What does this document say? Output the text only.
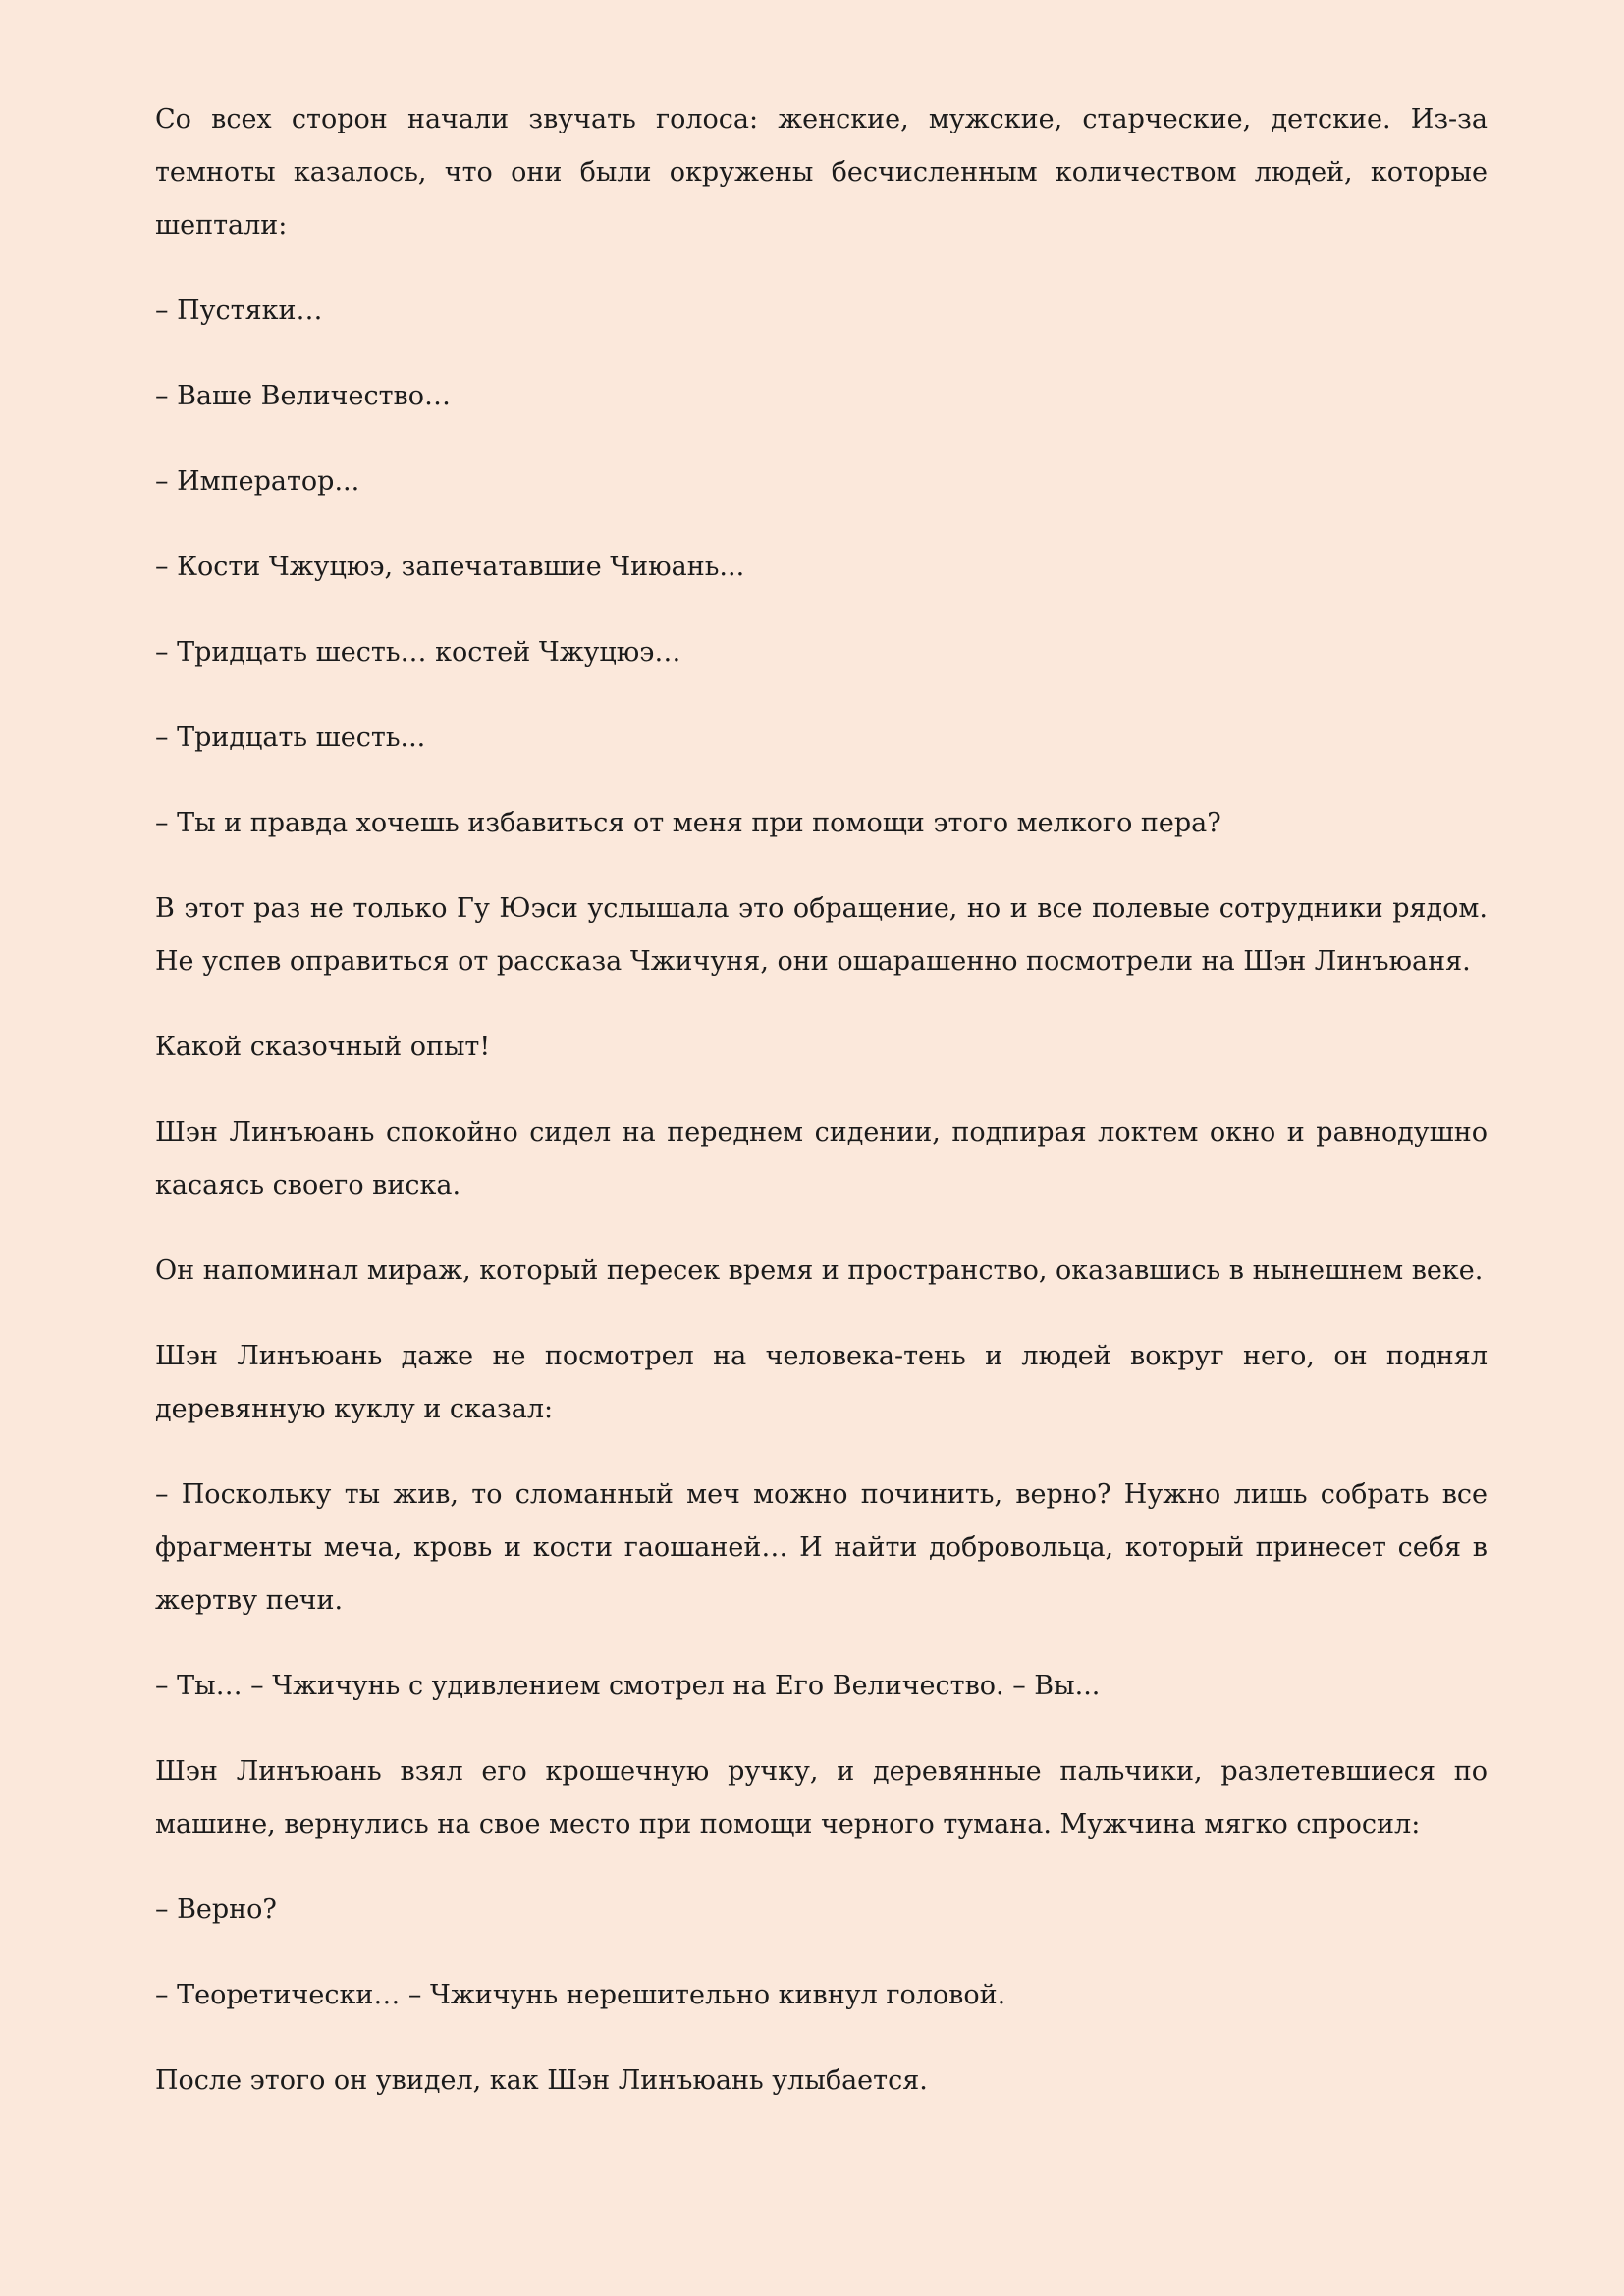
Со всех сторон начали звучать голоса: женские, мужские, старческие, детские. Из-за темноты казалось, что они были окружены бесчисленным количеством людей, которые шептали:

– Пустяки…

– Ваше Величество…

– Император...

– Кости Чжуцюэ, запечатавшие Чиюань...

– Тридцать шесть… костей Чжуцюэ…

– Тридцать шесть...

– Ты и правда хочешь избавиться от меня при помощи этого мелкого пера?

В этот раз не только Гу Юэси услышала это обращение, но и все полевые сотрудники рядом. Не успев оправиться от рассказа Чжичуня, они ошарашенно посмотрели на Шэн Линъюаня.

Какой сказочный опыт!

Шэн Линъюань спокойно сидел на переднем сидении, подпирая локтем окно и равнодушно касаясь своего виска.

Он напоминал мираж, который пересек время и пространство, оказавшись в нынешнем веке.

Шэн Линъюань даже не посмотрел на человека-тень и людей вокруг него, он поднял деревянную куклу и сказал:

– Поскольку ты жив, то сломанный меч можно починить, верно? Нужно лишь собрать все фрагменты меча, кровь и кости гаошаней… И найти добровольца, который принесет себя в жертву печи.

– Ты… – Чжичунь с удивлением смотрел на Его Величество. – Вы...

Шэн Линъюань взял его крошечную ручку, и деревянные пальчики, разлетевшиеся по машине, вернулись на свое место при помощи черного тумана. Мужчина мягко спросил:

– Верно?

– Теоретически… – Чжичунь нерешительно кивнул головой.

После этого он увидел, как Шэн Линъюань улыбается.
